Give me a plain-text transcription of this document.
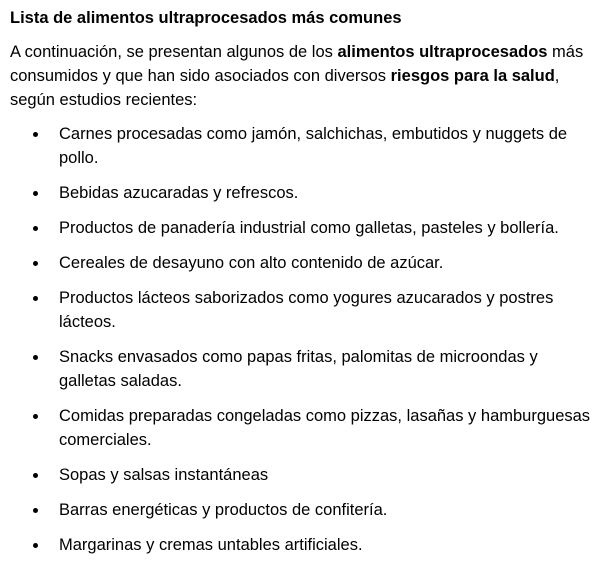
Lista de alimentos ultraprocesados más comunes

A continuación, se presentan algunos de los alimentos ultraprocesados más consumidos y que han sido asociados con diversos riesgos para la salud, según estudios recientes:

Carnes procesadas como jamón, salchichas, embutidos y nuggets de pollo.
Bebidas azucaradas y refrescos.
Productos de panadería industrial como galletas, pasteles y bollería.
Cereales de desayuno con alto contenido de azúcar.
Productos lácteos saborizados como yogures azucarados y postres lácteos.
Snacks envasados como papas fritas, palomitas de microondas y galletas saladas.
Comidas preparadas congeladas como pizzas, lasañas y hamburguesas comerciales.
Sopas y salsas instantáneas
Barras energéticas y productos de confitería.
Margarinas y cremas untables artificiales.
